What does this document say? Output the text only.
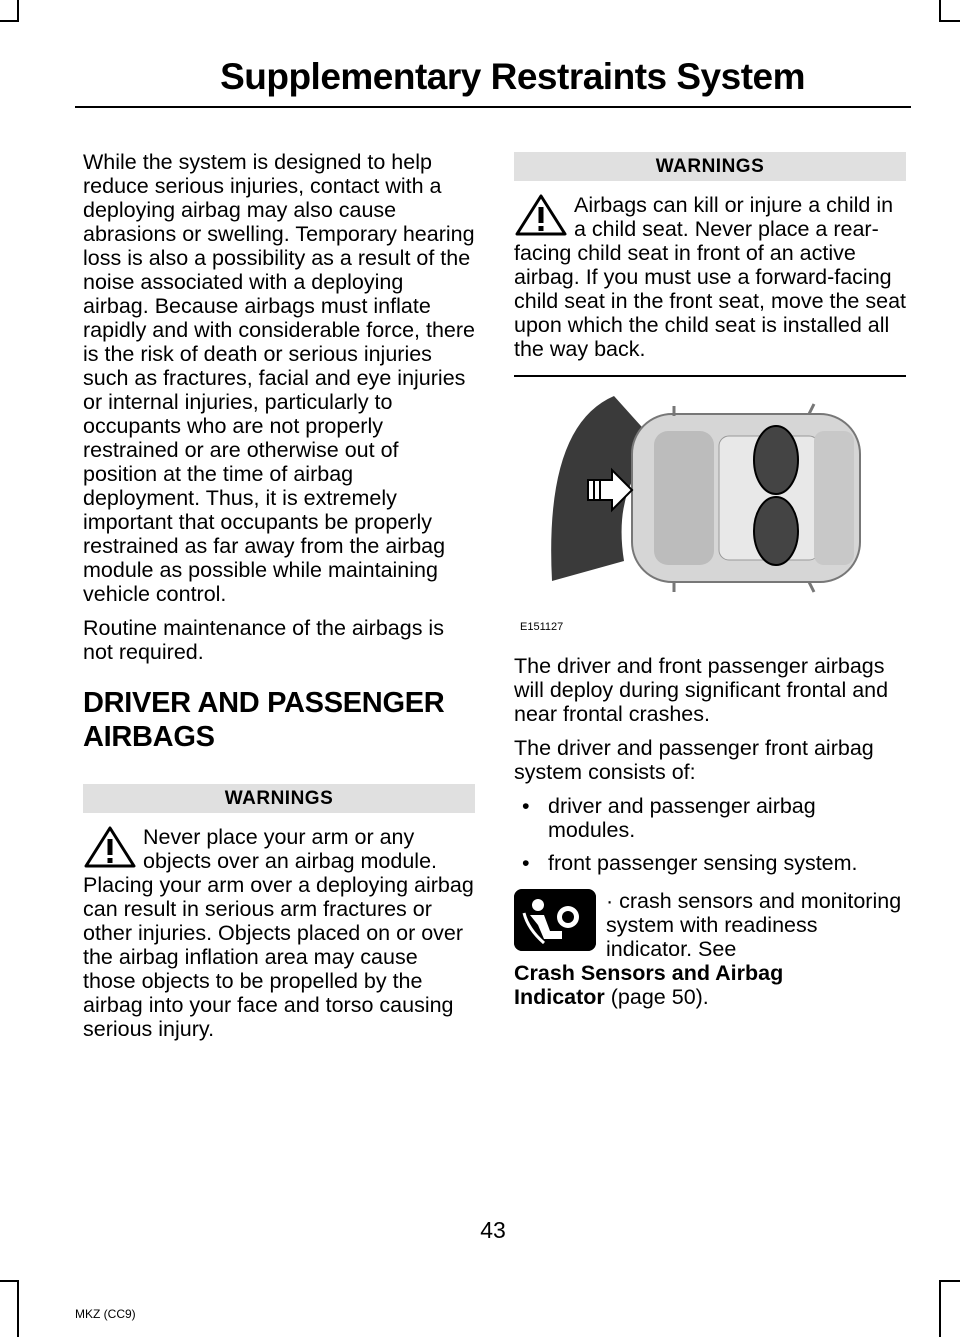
Supplementary Restraints System

While the system is designed to help reduce serious injuries, contact with a deploying airbag may also cause abrasions or swelling. Temporary hearing loss is also a possibility as a result of the noise associated with a deploying airbag. Because airbags must inflate rapidly and with considerable force, there is the risk of death or serious injuries such as fractures, facial and eye injuries or internal injuries, particularly to occupants who are not properly restrained or are otherwise out of position at the time of airbag deployment. Thus, it is extremely important that occupants be properly restrained as far away from the airbag module as possible while maintaining vehicle control.

Routine maintenance of the airbags is not required.

DRIVER AND PASSENGER
AIRBAGS
WARNINGS
Never place your arm or any objects over an airbag module. Placing your arm over a deploying airbag can result in serious arm fractures or other injuries. Objects placed on or over the airbag inflation area may cause those objects to be propelled by the airbag into your face and torso causing serious injury.
WARNINGS
Airbags can kill or injure a child in a child seat. Never place a rear-facing child seat in front of an active airbag. If you must use a forward-facing child seat in the front seat, move the seat upon which the child seat is installed all the way back.
E151127

The driver and front passenger airbags will deploy during significant frontal and near frontal crashes.

The driver and passenger front airbag system consists of:

• driver and passenger airbag modules.
• front passenger sensing system.
· crash sensors and monitoring system with readiness indicator. See
Crash Sensors and Airbag
Indicator (page 50).
43
MKZ (CC9)
